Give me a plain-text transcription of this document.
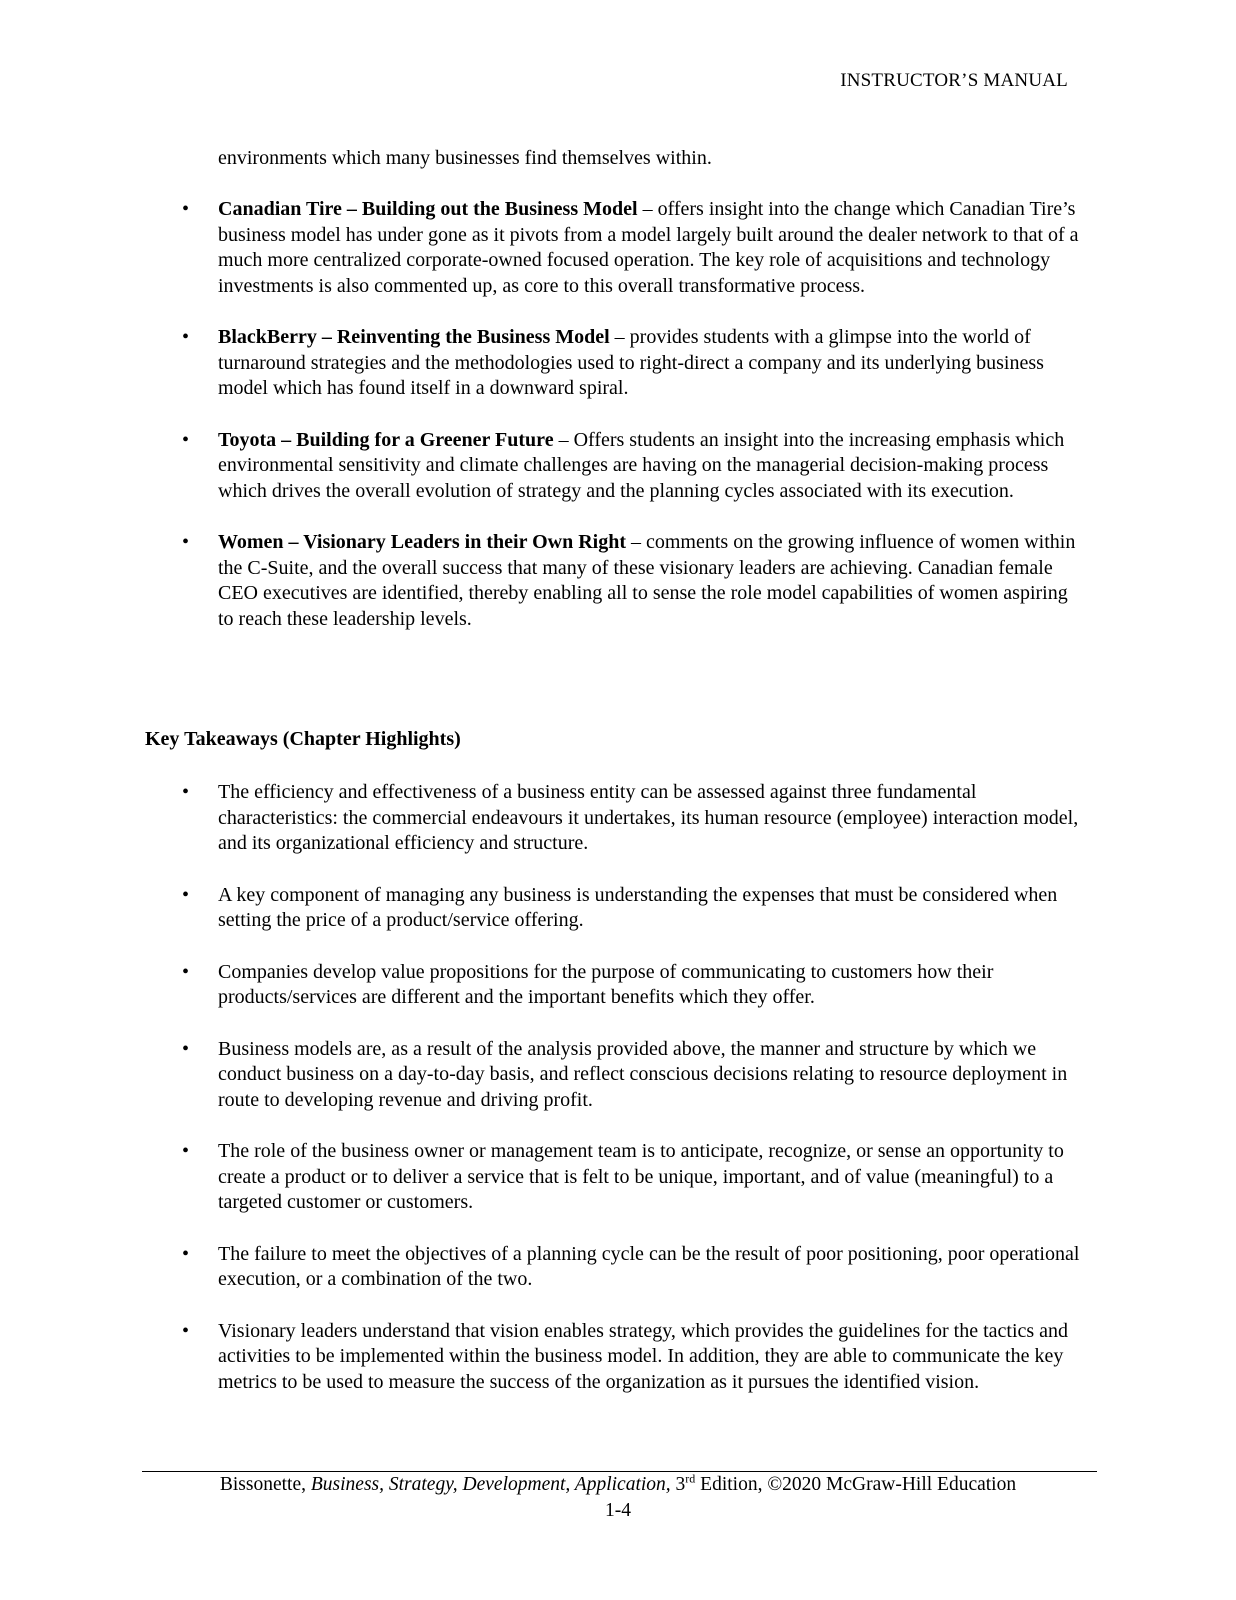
INSTRUCTOR’S MANUAL
environments which many businesses find themselves within.
• Canadian Tire – Building out the Business Model – offers insight into the change which Canadian Tire’s business model has under gone as it pivots from a model largely built around the dealer network to that of a much more centralized corporate-owned focused operation. The key role of acquisitions and technology investments is also commented up, as core to this overall transformative process.
• BlackBerry – Reinventing the Business Model – provides students with a glimpse into the world of turnaround strategies and the methodologies used to right-direct a company and its underlying business model which has found itself in a downward spiral.
• Toyota – Building for a Greener Future – Offers students an insight into the increasing emphasis which environmental sensitivity and climate challenges are having on the managerial decision-making process which drives the overall evolution of strategy and the planning cycles associated with its execution.
• Women – Visionary Leaders in their Own Right – comments on the growing influence of women within the C-Suite, and the overall success that many of these visionary leaders are achieving. Canadian female CEO executives are identified, thereby enabling all to sense the role model capabilities of women aspiring to reach these leadership levels.
Key Takeaways (Chapter Highlights)
• The efficiency and effectiveness of a business entity can be assessed against three fundamental characteristics: the commercial endeavours it undertakes, its human resource (employee) interaction model, and its organizational efficiency and structure.
• A key component of managing any business is understanding the expenses that must be considered when setting the price of a product/service offering.
• Companies develop value propositions for the purpose of communicating to customers how their products/services are different and the important benefits which they offer.
• Business models are, as a result of the analysis provided above, the manner and structure by which we conduct business on a day-to-day basis, and reflect conscious decisions relating to resource deployment in route to developing revenue and driving profit.
• The role of the business owner or management team is to anticipate, recognize, or sense an opportunity to create a product or to deliver a service that is felt to be unique, important, and of value (meaningful) to a targeted customer or customers.
• The failure to meet the objectives of a planning cycle can be the result of poor positioning, poor operational execution, or a combination of the two.
• Visionary leaders understand that vision enables strategy, which provides the guidelines for the tactics and activities to be implemented within the business model. In addition, they are able to communicate the key metrics to be used to measure the success of the organization as it pursues the identified vision.
Bissonette, Business, Strategy, Development, Application, 3rd Edition, ©2020 McGraw-Hill Education
1-4
